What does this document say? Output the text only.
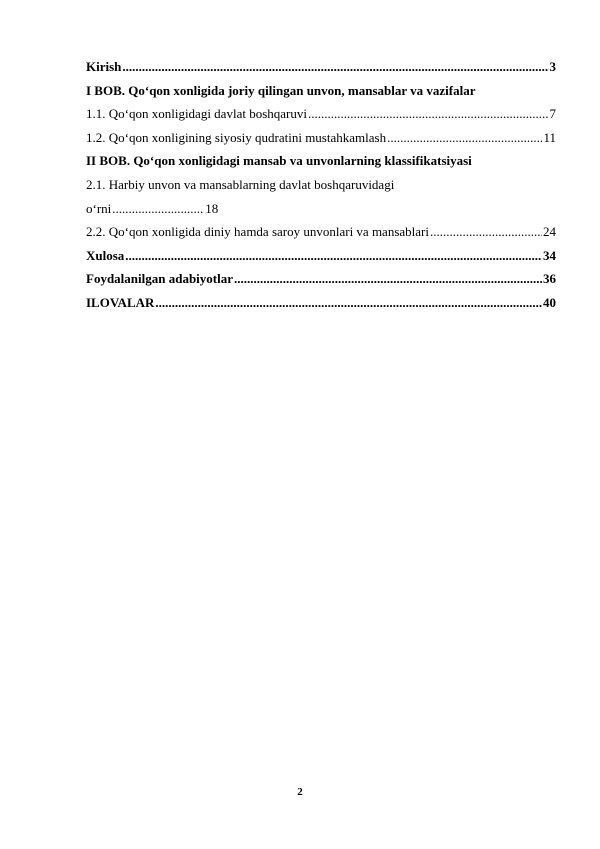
Kirish .....	3
I BOB. Qo‘qon xonligida joriy qilingan unvon, mansablar va vazifalar
1.1. Qo‘qon xonligidagi davlat boshqaruvi .....	7
1.2. Qo‘qon xonligining siyosiy qudratini mustahkamlash .....	11
II BOB. Qo‘qon xonligidagi mansab va unvonlarning klassifikatsiyasi
2.1. Harbiy unvon va mansablarning davlat boshqaruvidagi
o‘rni .....	18
2.2. Qo‘qon xonligida diniy hamda saroy unvonlari va mansablari .....	24
Xulosa .....	34
Foydalanilgan adabiyotlar .....	36
ILOVALAR .....	40
2
